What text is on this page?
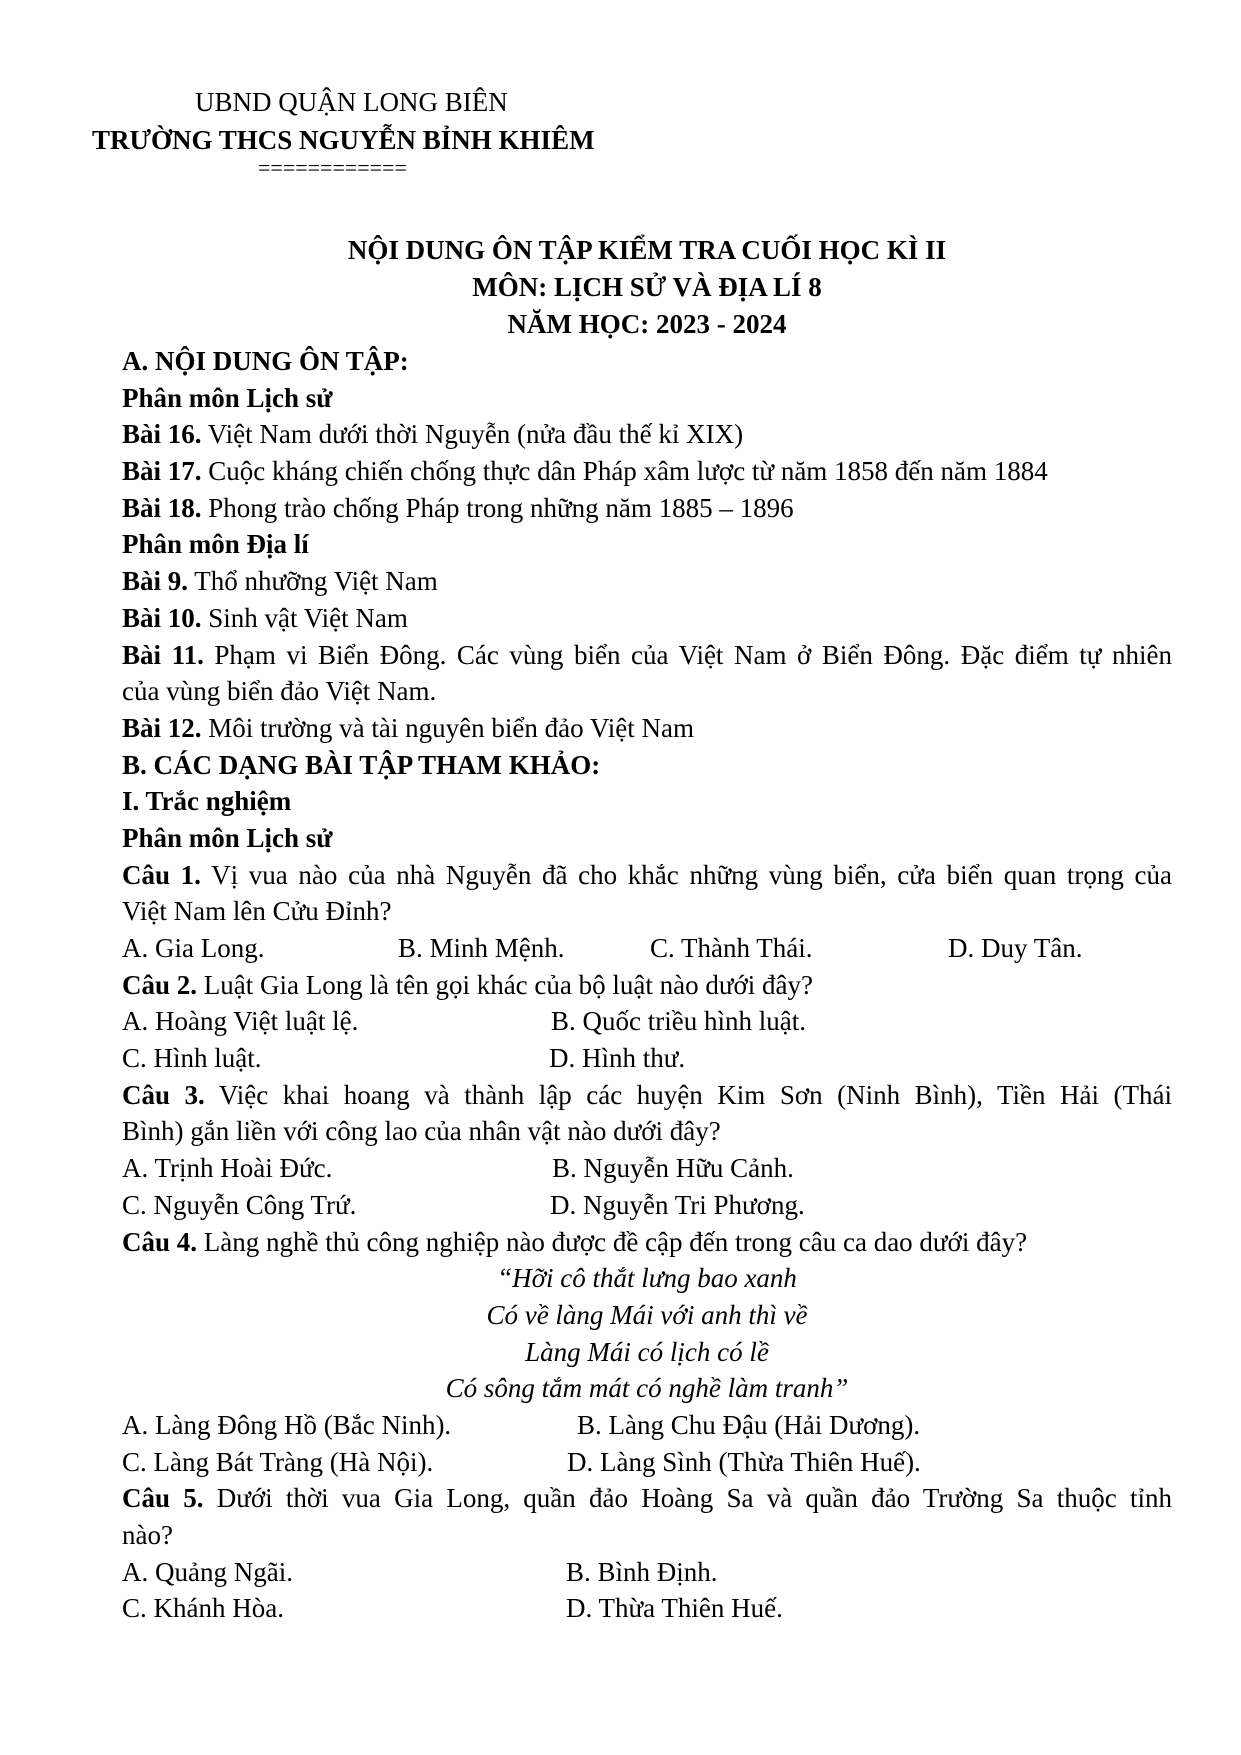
UBND QUẬN LONG BIÊN
TRƯỜNG THCS NGUYỄN BỈNH KHIÊM
============
NỘI DUNG ÔN TẬP KIỂM TRA CUỐI HỌC KÌ II
MÔN: LỊCH SỬ VÀ ĐỊA LÍ 8
NĂM HỌC: 2023 - 2024
A. NỘI DUNG ÔN TẬP:
Phân môn Lịch sử
Bài 16. Việt Nam dưới thời Nguyễn (nửa đầu thế kỉ XIX)
Bài 17. Cuộc kháng chiến chống thực dân Pháp xâm lược từ năm 1858 đến năm 1884
Bài 18. Phong trào chống Pháp trong những năm 1885 – 1896
Phân môn Địa lí
Bài 9. Thổ nhưỡng Việt Nam
Bài 10. Sinh vật Việt Nam
Bài 11. Phạm vi Biển Đông. Các vùng biển của Việt Nam ở Biển Đông. Đặc điểm tự nhiên
của vùng biển đảo Việt Nam.
Bài 12. Môi trường và tài nguyên biển đảo Việt Nam
B. CÁC DẠNG BÀI TẬP THAM KHẢO:
I. Trắc nghiệm
Phân môn Lịch sử
Câu 1. Vị vua nào của nhà Nguyễn đã cho khắc những vùng biển, cửa biển quan trọng của
Việt Nam lên Cửu Đỉnh?
A. Gia Long.	B. Minh Mệnh.	C. Thành Thái.	D. Duy Tân.
Câu 2. Luật Gia Long là tên gọi khác của bộ luật nào dưới đây?
A. Hoàng Việt luật lệ.	B. Quốc triều hình luật.
C. Hình luật.	D. Hình thư.
Câu 3. Việc khai hoang và thành lập các huyện Kim Sơn (Ninh Bình), Tiền Hải (Thái
Bình) gắn liền với công lao của nhân vật nào dưới đây?
A. Trịnh Hoài Đức.	B. Nguyễn Hữu Cảnh.
C. Nguyễn Công Trứ.	D. Nguyễn Tri Phương.
Câu 4. Làng nghề thủ công nghiệp nào được đề cập đến trong câu ca dao dưới đây?
“Hỡi cô thắt lưng bao xanh
Có về làng Mái với anh thì về
Làng Mái có lịch có lề
Có sông tắm mát có nghề làm tranh”
A. Làng Đông Hồ (Bắc Ninh).	B. Làng Chu Đậu (Hải Dương).
C. Làng Bát Tràng (Hà Nội).	D. Làng Sình (Thừa Thiên Huế).
Câu 5. Dưới thời vua Gia Long, quần đảo Hoàng Sa và quần đảo Trường Sa thuộc tỉnh
nào?
A. Quảng Ngãi.	B. Bình Định.
C. Khánh Hòa.	D. Thừa Thiên Huế.
